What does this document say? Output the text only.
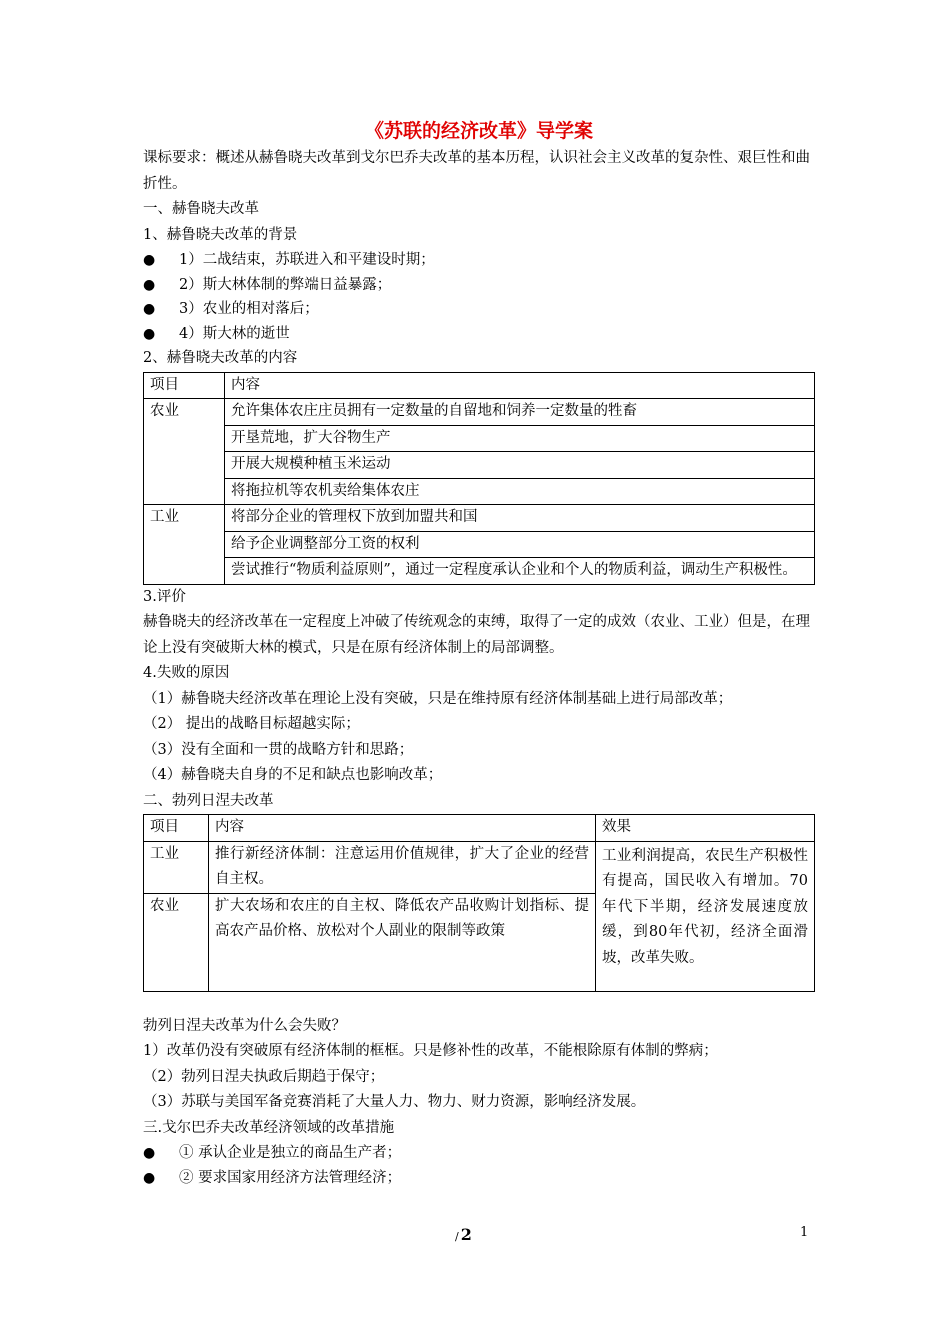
《苏联的经济改革》导学案

课标要求：概述从赫鲁晓夫改革到戈尔巴乔夫改革的基本历程，认识社会主义改革的复杂性、艰巨性和曲折性。

一、赫鲁晓夫改革

1、赫鲁晓夫改革的背景

●	1）二战结束，苏联进入和平建设时期；
●	2）斯大林体制的弊端日益暴露；
●	3）农业的相对落后；
●	4）斯大林的逝世

2、赫鲁晓夫改革的内容

项目	内容
农业	允许集体农庄庄员拥有一定数量的自留地和饲养一定数量的牲畜
	开垦荒地，扩大谷物生产
	开展大规模种植玉米运动
	将拖拉机等农机卖给集体农庄
工业	将部分企业的管理权下放到加盟共和国
	给予企业调整部分工资的权利
	尝试推行“物质利益原则”，通过一定程度承认企业和个人的物质利益，调动生产积极性。

3.评价

赫鲁晓夫的经济改革在一定程度上冲破了传统观念的束缚，取得了一定的成效（农业、工业）但是，在理论上没有突破斯大林的模式，只是在原有经济体制上的局部调整。

4.失败的原因

（1）赫鲁晓夫经济改革在理论上没有突破，只是在维持原有经济体制基础上进行局部改革；

（2） 提出的战略目标超越实际；

（3）没有全面和一贯的战略方针和思路；

（4）赫鲁晓夫自身的不足和缺点也影响改革；

二、勃列日涅夫改革

项目	内容	效果
工业	推行新经济体制：注意运用价值规律，扩大了企业的经营自主权。	工业利润提高，农民生产积极性有提高，国民收入有增加。70年代下半期，经济发展速度放缓，到80年代初，经济全面滑坡，改革失败。
农业	扩大农场和农庄的自主权、降低农产品收购计划指标、提高农产品价格、放松对个人副业的限制等政策	

勃列日涅夫改革为什么会失败？

1）改革仍没有突破原有经济体制的框框。只是修补性的改革，不能根除原有体制的弊病；

（2）勃列日涅夫执政后期趋于保守；

（3）苏联与美国军备竞赛消耗了大量人力、物力、财力资源，影响经济发展。

三.戈尔巴乔夫改革经济领域的改革措施

●	① 承认企业是独立的商品生产者；
●	② 要求国家用经济方法管理经济；
/ 2	1
